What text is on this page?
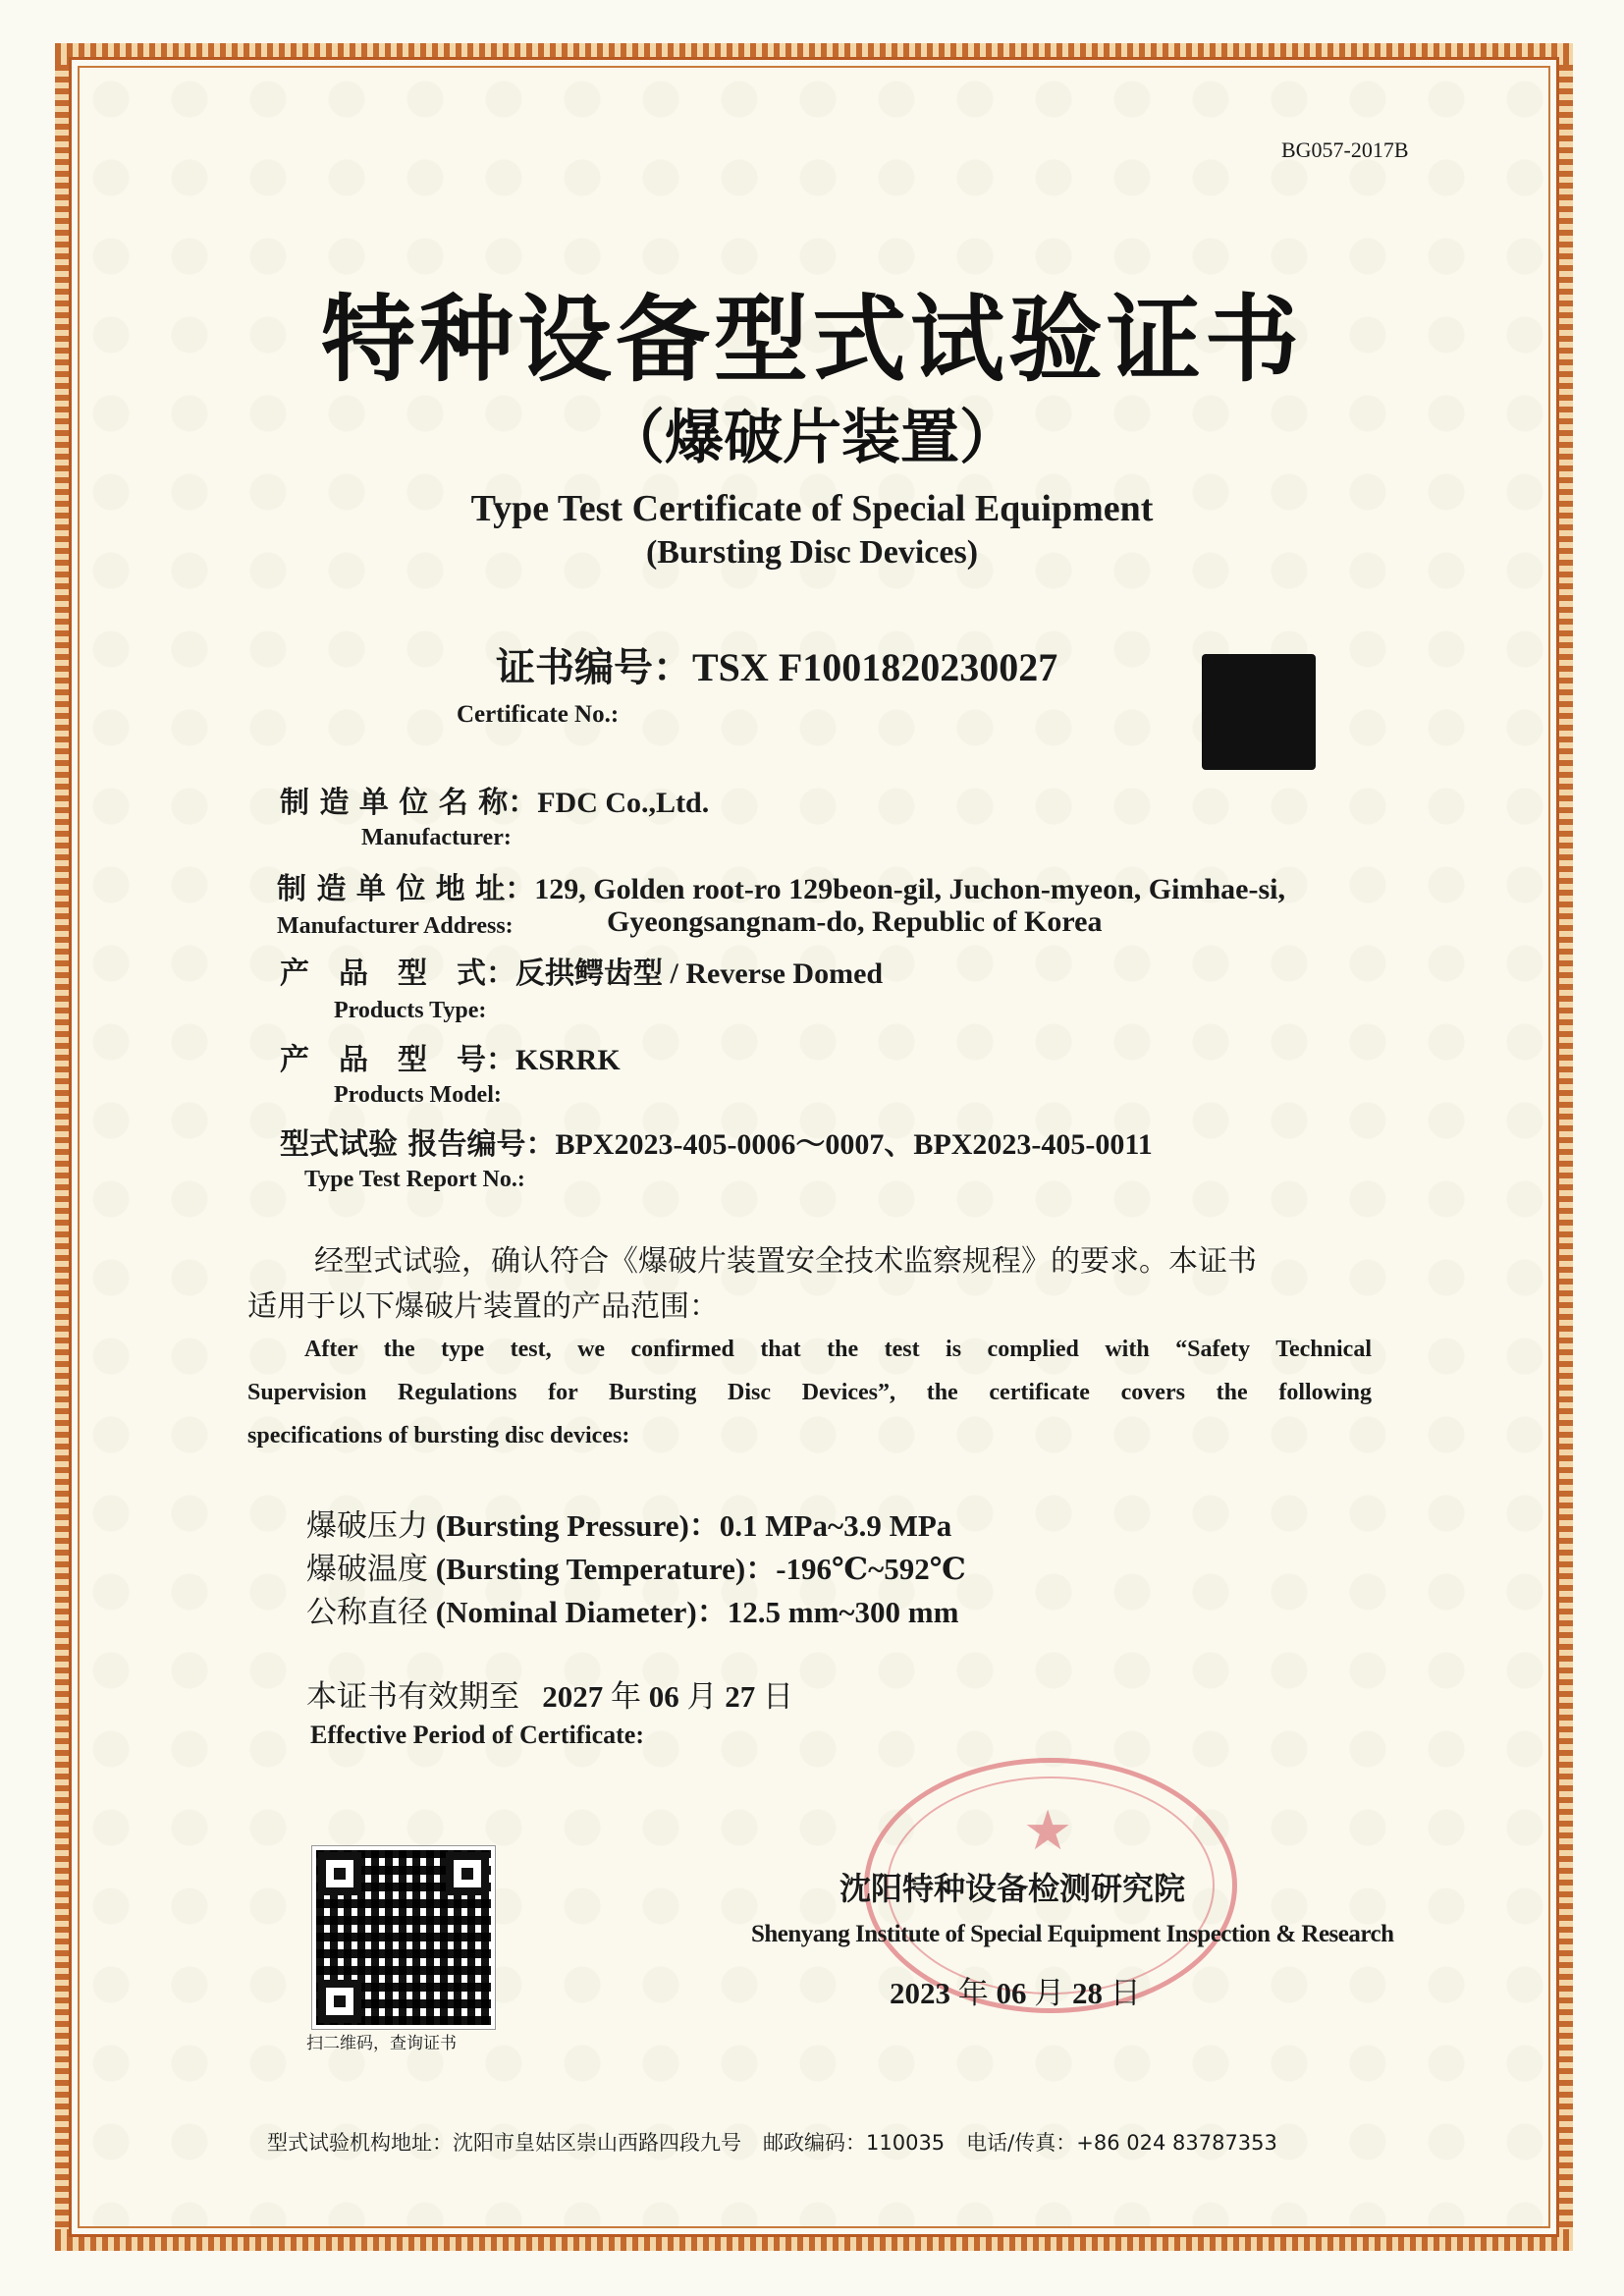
BG057-2017B
特种设备型式试验证书
（爆破片装置）
Type Test Certificate of Special Equipment
(Bursting Disc Devices)
证书编号：TSX F1001820230027
Certificate No.:
制 造 单 位 名 称：FDC Co.,Ltd.
Manufacturer:
制 造 单 位 地 址：129, Golden root-ro 129beon-gil, Juchon-myeon, Gimhae-si,
Manufacturer Address:	Gyeongsangnam-do, Republic of Korea
产　品　型　式：反拱鳄齿型 / Reverse Domed
Products Type:
产　品　型　号：KSRRK
Products Model:
型式试验 报告编号：BPX2023-405-0006～0007、BPX2023-405-0011
Type Test Report No.:
经型式试验，确认符合《爆破片装置安全技术监察规程》的要求。本证书
适用于以下爆破片装置的产品范围：
After the type test, we confirmed that the test is complied with “Safety Technical
Supervision Regulations for Bursting Disc Devices”, the certificate covers the following
specifications of bursting disc devices:
爆破压力 (Bursting Pressure)：0.1 MPa~3.9 MPa
爆破温度 (Bursting Temperature)：-196℃~592℃
公称直径 (Nominal Diameter)：12.5 mm~300 mm
本证书有效期至 2027 年 06 月 27 日
Effective Period of Certificate:
扫二维码，查询证书
★
沈阳特种设备检测研究院
Shenyang Institute of Special Equipment Inspection & Research
2023 年 06 月 28 日
型式试验机构地址：沈阳市皇姑区崇山西路四段九号 邮政编码：110035 电话/传真：+86 024 83787353
